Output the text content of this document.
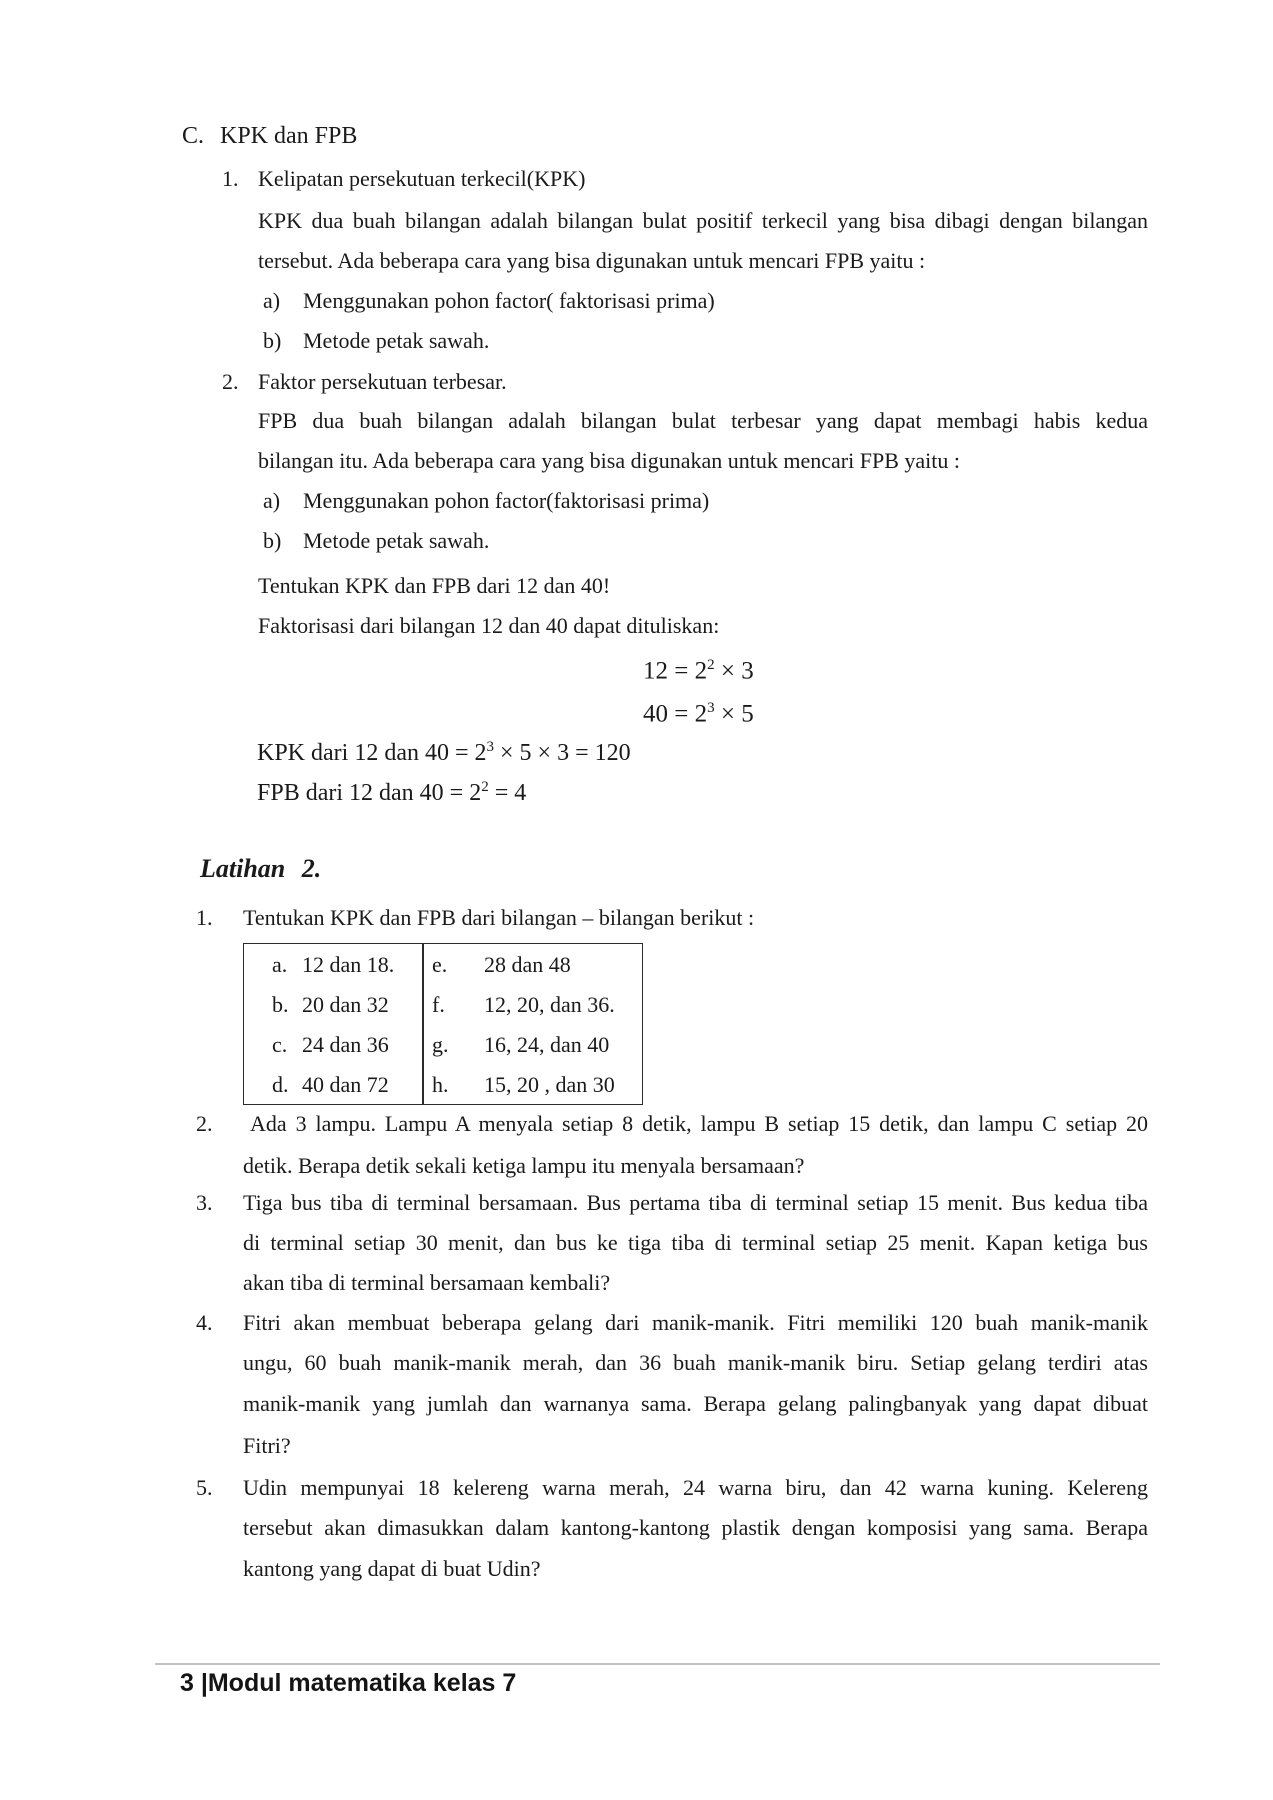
C. KPK dan FPB
1. Kelipatan persekutuan terkecil(KPK)
KPK dua buah bilangan adalah bilangan bulat positif terkecil yang bisa dibagi dengan bilangan
tersebut. Ada beberapa cara yang bisa digunakan untuk mencari FPB yaitu :
a) Menggunakan pohon factor( faktorisasi prima)
b) Metode petak sawah.
2. Faktor persekutuan terbesar.
FPB dua buah bilangan adalah bilangan bulat terbesar yang dapat membagi habis kedua
bilangan itu. Ada beberapa cara yang bisa digunakan untuk mencari FPB yaitu :
a) Menggunakan pohon factor(faktorisasi prima)
b) Metode petak sawah.
Tentukan KPK dan FPB dari 12 dan 40!
Faktorisasi dari bilangan 12 dan 40 dapat dituliskan:
$12 = 2^2 \times 3$
$40 = 2^3 \times 5$
KPK dari 12 dan $40 = 2^3 \times 5 \times 3 = 120$
FPB dari 12 dan $40 = 2^2 = 4$
Latihan 2.
1. Tentukan KPK dan FPB dari bilangan – bilangan berikut :
a. 12 dan 18. e. 28 dan 48
b. 20 dan 32 f. 12, 20, dan 36.
c. 24 dan 36 g. 16, 24, dan 40
d. 40 dan 72 h. 15, 20 , dan 30
2. Ada 3 lampu. Lampu A menyala setiap 8 detik, lampu B setiap 15 detik, dan lampu C setiap 20
detik. Berapa detik sekali ketiga lampu itu menyala bersamaan?
3. Tiga bus tiba di terminal bersamaan. Bus pertama tiba di terminal setiap 15 menit. Bus kedua tiba
di terminal setiap 30 menit, dan bus ke tiga tiba di terminal setiap 25 menit. Kapan ketiga bus
akan tiba di terminal bersamaan kembali?
4. Fitri akan membuat beberapa gelang dari manik-manik. Fitri memiliki 120 buah manik-manik
ungu, 60 buah manik-manik merah, dan 36 buah manik-manik biru. Setiap gelang terdiri atas
manik-manik yang jumlah dan warnanya sama. Berapa gelang palingbanyak yang dapat dibuat
Fitri?
5. Udin mempunyai 18 kelereng warna merah, 24 warna biru, dan 42 warna kuning. Kelereng
tersebut akan dimasukkan dalam kantong-kantong plastik dengan komposisi yang sama. Berapa
kantong yang dapat di buat Udin?
3 |Modul matematika kelas 7
